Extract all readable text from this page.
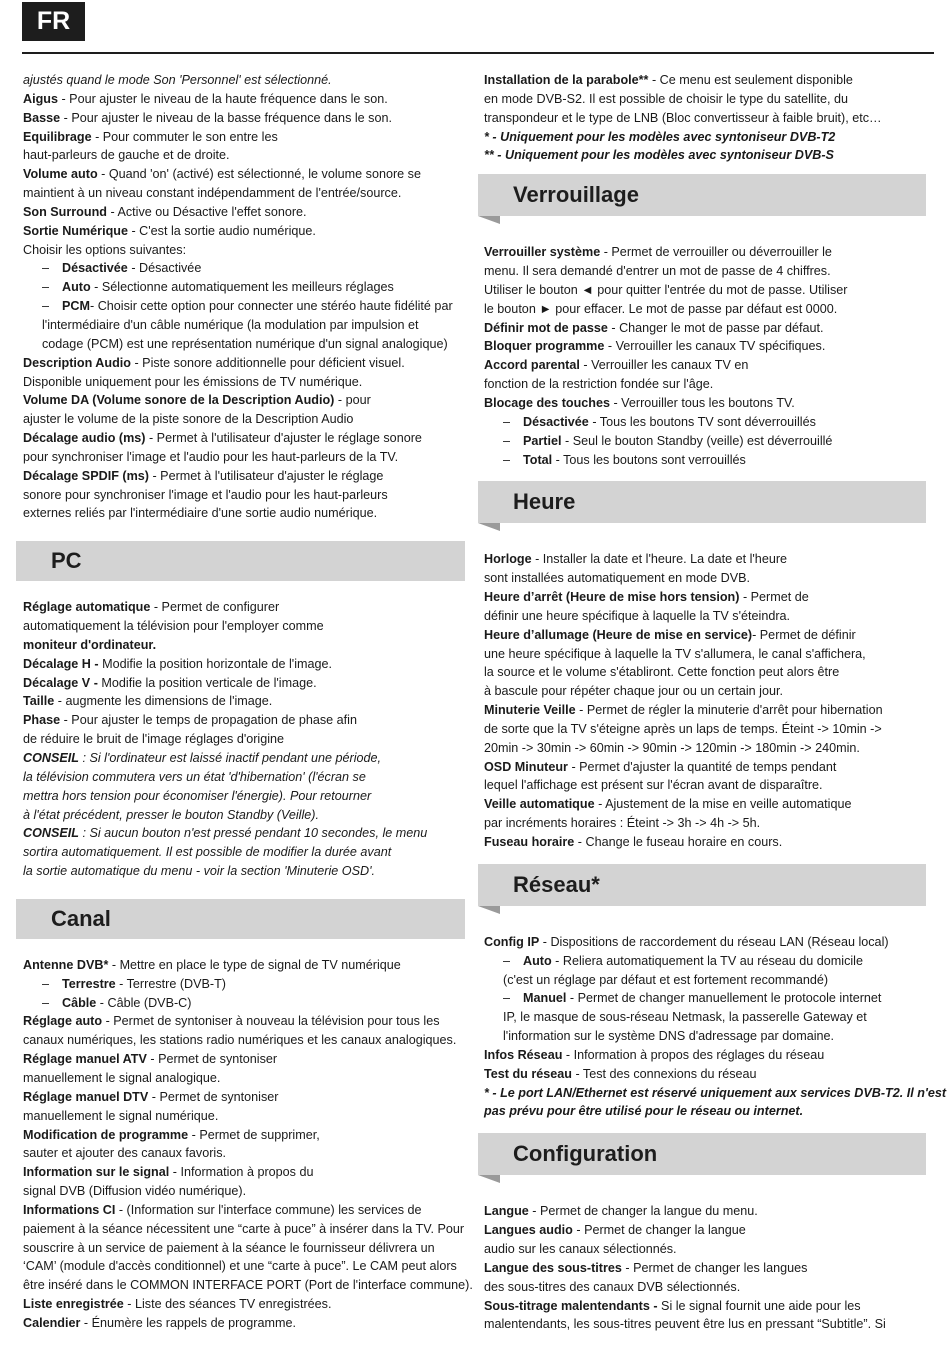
FR
ajustés quand le mode Son 'Personnel' est sélectionné.
Aigus - Pour ajuster le niveau de la haute fréquence dans le son.
Basse - Pour ajuster le niveau de la basse fréquence dans le son.
Equilibrage - Pour commuter le son entre les
haut-parleurs de gauche et de droite.
Volume auto - Quand 'on' (activé) est sélectionné, le volume sonore se
maintient à un niveau constant indépendamment de l'entrée/source.
Son Surround - Active ou Désactive l'effet sonore.
Sortie Numérique - C'est la sortie audio numérique.
Choisir les options suivantes:
– Désactivée - Désactivée
– Auto - Sélectionne automatiquement les meilleurs réglages
– PCM- Choisir cette option pour connecter une stéréo haute fidélité par
l'intermédiaire d'un câble numérique (la modulation par impulsion et
codage (PCM) est une représentation numérique d'un signal analogique)
Description Audio - Piste sonore additionnelle pour déficient visuel.
Disponible uniquement pour les émissions de TV numérique.
Volume DA (Volume sonore de la Description Audio) - pour
ajuster le volume de la piste sonore de la Description Audio
Décalage audio (ms) - Permet à l'utilisateur d'ajuster le réglage sonore
pour synchroniser l'image et l'audio pour les haut-parleurs de la TV.
Décalage SPDIF (ms) - Permet à l'utilisateur d'ajuster le réglage
sonore pour synchroniser l'image et l'audio pour les haut-parleurs
externes reliés par l'intermédiaire d'une sortie audio numérique.
PC
Réglage automatique - Permet de configurer
automatiquement la télévision pour l'employer comme
moniteur d'ordinateur.
Décalage H - Modifie la position horizontale de l'image.
Décalage V - Modifie la position verticale de l'image.
Taille - augmente les dimensions de l'image.
Phase - Pour ajuster le temps de propagation de phase afin
de réduire le bruit de l'image réglages d'origine
CONSEIL : Si l'ordinateur est laissé inactif pendant une période,
la télévision commutera vers un état 'd'hibernation' (l'écran se
mettra hors tension pour économiser l'énergie). Pour retourner
à l'état précédent, presser le bouton Standby (Veille).
CONSEIL : Si aucun bouton n'est pressé pendant 10 secondes, le menu
sortira automatiquement. Il est possible de modifier la durée avant
la sortie automatique du menu - voir la section 'Minuterie OSD'.
Canal
Antenne DVB* - Mettre en place le type de signal de TV numérique
– Terrestre - Terrestre (DVB-T)
– Câble - Câble (DVB-C)
Réglage auto - Permet de syntoniser à nouveau la télévision pour tous les
canaux numériques, les stations radio numériques et les canaux analogiques.
Réglage manuel ATV - Permet de syntoniser
manuellement le signal analogique.
Réglage manuel DTV - Permet de syntoniser
manuellement le signal numérique.
Modification de programme - Permet de supprimer,
sauter et ajouter des canaux favoris.
Information sur le signal - Information à propos du
signal DVB (Diffusion vidéo numérique).
Informations CI - (Information sur l'interface commune) les services de
paiement à la séance nécessitent une “carte à puce” à insérer dans la TV. Pour
souscrire à un service de paiement à la séance le fournisseur délivrera un
‘CAM’ (module d'accès conditionnel) et une “carte à puce”. Le CAM peut alors
être inséré dans le COMMON INTERFACE PORT (Port de l'interface commune).
Liste enregistrée - Liste des séances TV enregistrées.
Calendier - Énumère les rappels de programme.
Installation de la parabole** - Ce menu est seulement disponible
en mode DVB-S2. Il est possible de choisir le type du satellite, du
transpondeur et le type de LNB (Bloc convertisseur à faible bruit), etc…
* - Uniquement pour les modèles avec syntoniseur DVB-T2
** - Uniquement pour les modèles avec syntoniseur DVB-S
Verrouillage
Verrouiller système - Permet de verrouiller ou déverrouiller le
menu. Il sera demandé d'entrer un mot de passe de 4 chiffres.
Utiliser le bouton ◄ pour quitter l'entrée du mot de passe. Utiliser
le bouton ► pour effacer. Le mot de passe par défaut est 0000.
Définir mot de passe - Changer le mot de passe par défaut.
Bloquer programme - Verrouiller les canaux TV spécifiques.
Accord parental - Verrouiller les canaux TV en
fonction de la restriction fondée sur l'âge.
Blocage des touches - Verrouiller tous les boutons TV.
– Désactivée - Tous les boutons TV sont déverrouillés
– Partiel - Seul le bouton Standby (veille) est déverrouillé
– Total - Tous les boutons sont verrouillés
Heure
Horloge - Installer la date et l'heure. La date et l'heure
sont installées automatiquement en mode DVB.
Heure d’arrêt (Heure de mise hors tension) - Permet de
définir une heure spécifique à laquelle la TV s'éteindra.
Heure d’allumage (Heure de mise en service)- Permet de définir
une heure spécifique à laquelle la TV s'allumera, le canal s'affichera,
la source et le volume s'établiront. Cette fonction peut alors être
à bascule pour répéter chaque jour ou un certain jour.
Minuterie Veille - Permet de régler la minuterie d'arrêt pour hibernation
de sorte que la TV s'éteigne après un laps de temps. Éteint -> 10min ->
20min -> 30min -> 60min -> 90min -> 120min -> 180min -> 240min.
OSD Minuteur - Permet d'ajuster la quantité de temps pendant
lequel l'affichage est présent sur l'écran avant de disparaître.
Veille automatique - Ajustement de la mise en veille automatique
par incréments horaires : Éteint -> 3h -> 4h -> 5h.
Fuseau horaire - Change le fuseau horaire en cours.
Réseau*
Config IP - Dispositions de raccordement du réseau LAN (Réseau local)
– Auto - Reliera automatiquement la TV au réseau du domicile
(c'est un réglage par défaut et est fortement recommandé)
– Manuel - Permet de changer manuellement le protocole internet
IP, le masque de sous-réseau Netmask, la passerelle Gateway et
l'information sur le système DNS d'adressage par domaine.
Infos Réseau - Information à propos des réglages du réseau
Test du réseau - Test des connexions du réseau
* - Le port LAN/Ethernet est réservé uniquement aux services DVB-T2. Il n'est
pas prévu pour être utilisé pour le réseau ou internet.
Configuration
Langue - Permet de changer la langue du menu.
Langues audio - Permet de changer la langue
audio sur les canaux sélectionnés.
Langue des sous-titres - Permet de changer les langues
des sous-titres des canaux DVB sélectionnés.
Sous-titrage malentendants - Si le signal fournit une aide pour les
malentendants, les sous-titres peuvent être lus en pressant “Subtitle”. Si
